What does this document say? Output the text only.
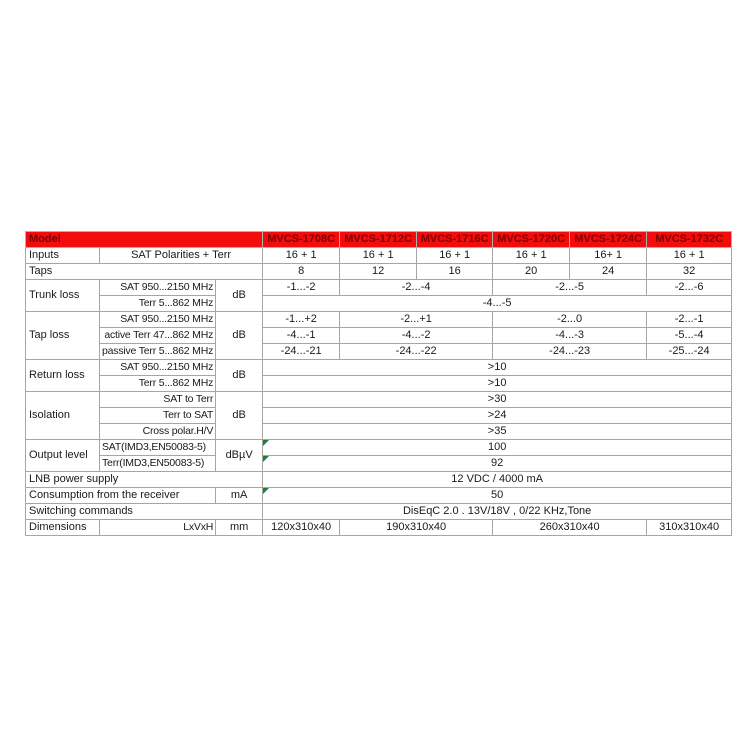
Model			MVCS-1708C	MVCS-1712C	MVCS-1716C	MVCS-1720C	MVCS-1724C	MVCS-1732C
Inputs	SAT Polarities + Terr		16 + 1	16 + 1	16 + 1	16 + 1	16+ 1	16 + 1
Taps			8	12	16	20	24	32
Trunk loss	SAT 950...2150 MHz	dB	-1...-2	-2...-4		-2...-5		-2...-6
	Terr 5...862 MHz		-4...-5					
Tap loss	SAT 950...2150 MHz	dB	-1...+2	-2...+1		-2...0		-2...-1
	active Terr 47...862 MHz		-4...-1	-4...-2		-4...-3		-5...-4
	passive Terr 5...862 MHz		-24...-21	-24...-22		-24...-23		-25...-24
Return loss	SAT 950...2150 MHz	dB	>10					
	Terr 5...862 MHz		>10					
Isolation	SAT to Terr	dB	>30					
	Terr to SAT		>24					
	Cross polar.H/V		>35					
Output level	SAT(IMD3,EN50083-5)	dBµV	100					
	Terr(IMD3,EN50083-5)		92					
LNB power supply			12 VDC / 4000 mA					
Consumption from the receiver		mA	50					
Switching commands			DisEqC 2.0 . 13V/18V , 0/22 KHz,Tone					
Dimensions	LxVxH	mm	120x310x40	190x310x40		260x310x40		310x310x40
